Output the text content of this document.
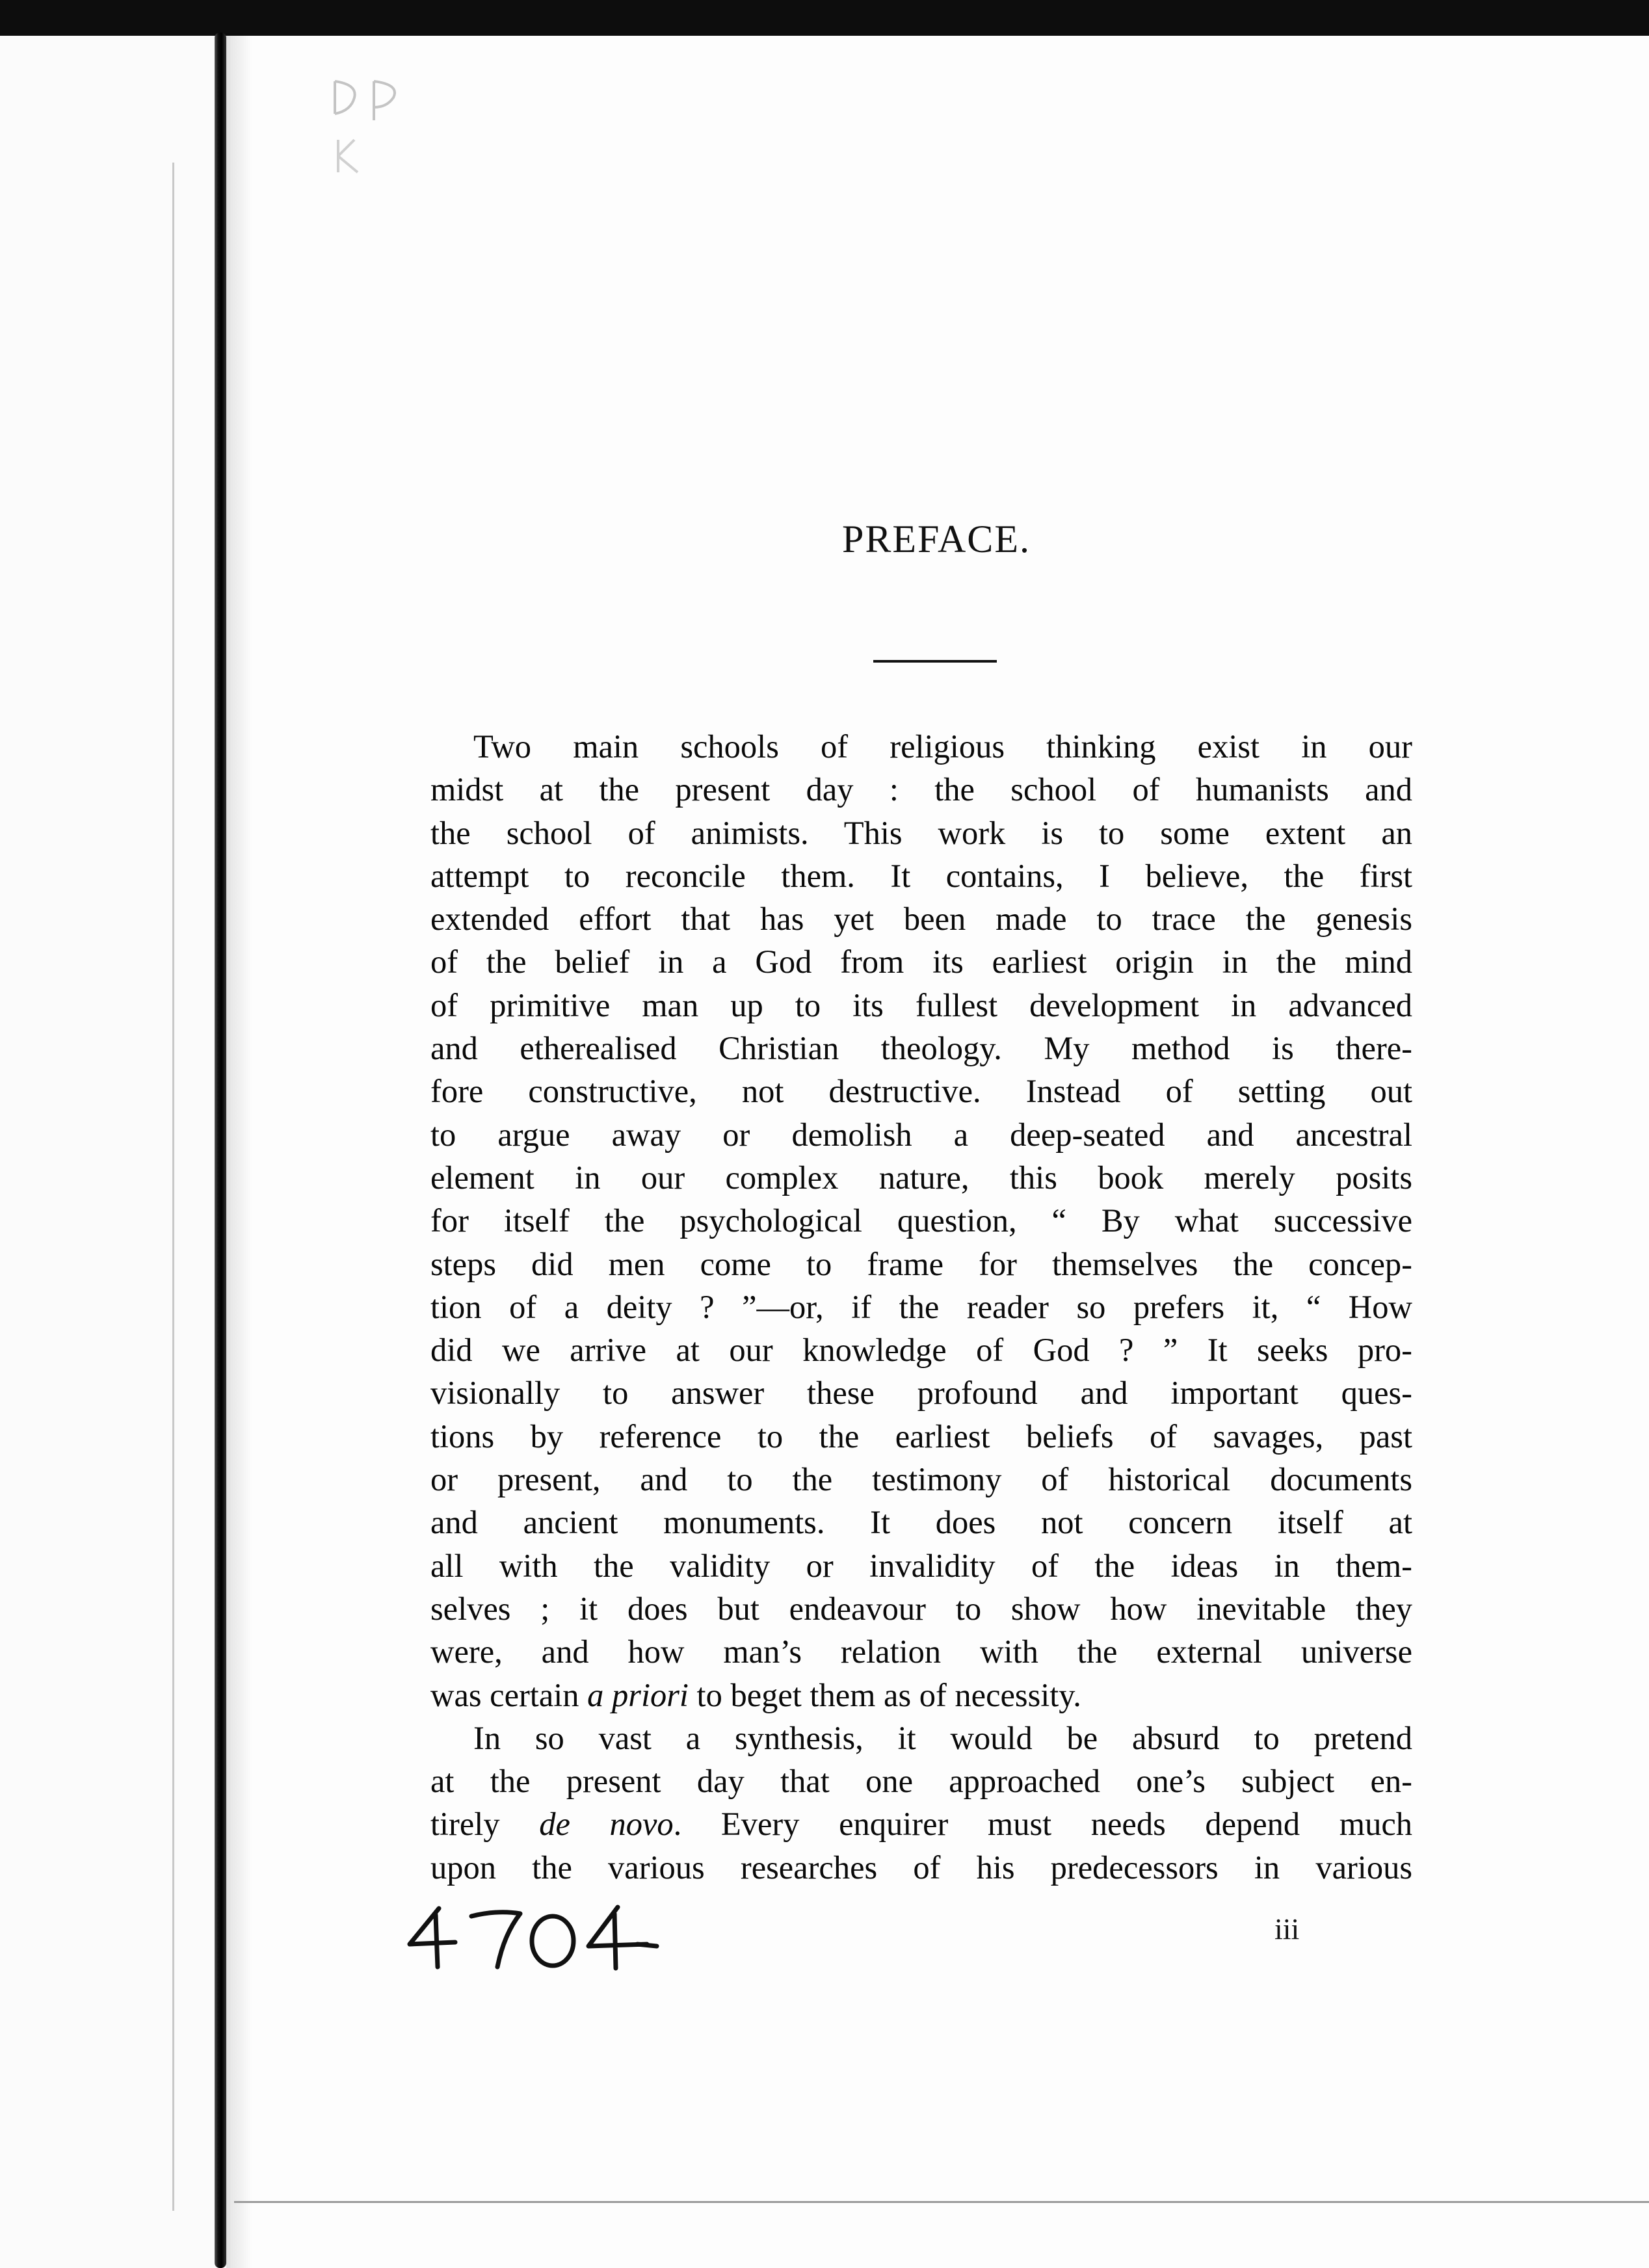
PREFACE.
Two main schools of religious thinking exist in our
midst at the present day : the school of humanists and
the school of animists. This work is to some extent an
attempt to reconcile them. It contains, I believe, the first
extended effort that has yet been made to trace the genesis
of the belief in a God from its earliest origin in the mind
of primitive man up to its fullest development in advanced
and etherealised Christian theology. My method is there-
fore constructive, not destructive. Instead of setting out
to argue away or demolish a deep-seated and ancestral
element in our complex nature, this book merely posits
for itself the psychological question, “ By what successive
steps did men come to frame for themselves the concep-
tion of a deity ? ”—or, if the reader so prefers it, “ How
did we arrive at our knowledge of God ? ” It seeks pro-
visionally to answer these profound and important ques-
tions by reference to the earliest beliefs of savages, past
or present, and to the testimony of historical documents
and ancient monuments. It does not concern itself at
all with the validity or invalidity of the ideas in them-
selves ; it does but endeavour to show how inevitable they
were, and how man’s relation with the external universe
was certain a priori to beget them as of necessity.
In so vast a synthesis, it would be absurd to pretend
at the present day that one approached one’s subject en-
tirely de novo. Every enquirer must needs depend much
upon the various researches of his predecessors in various
iii
